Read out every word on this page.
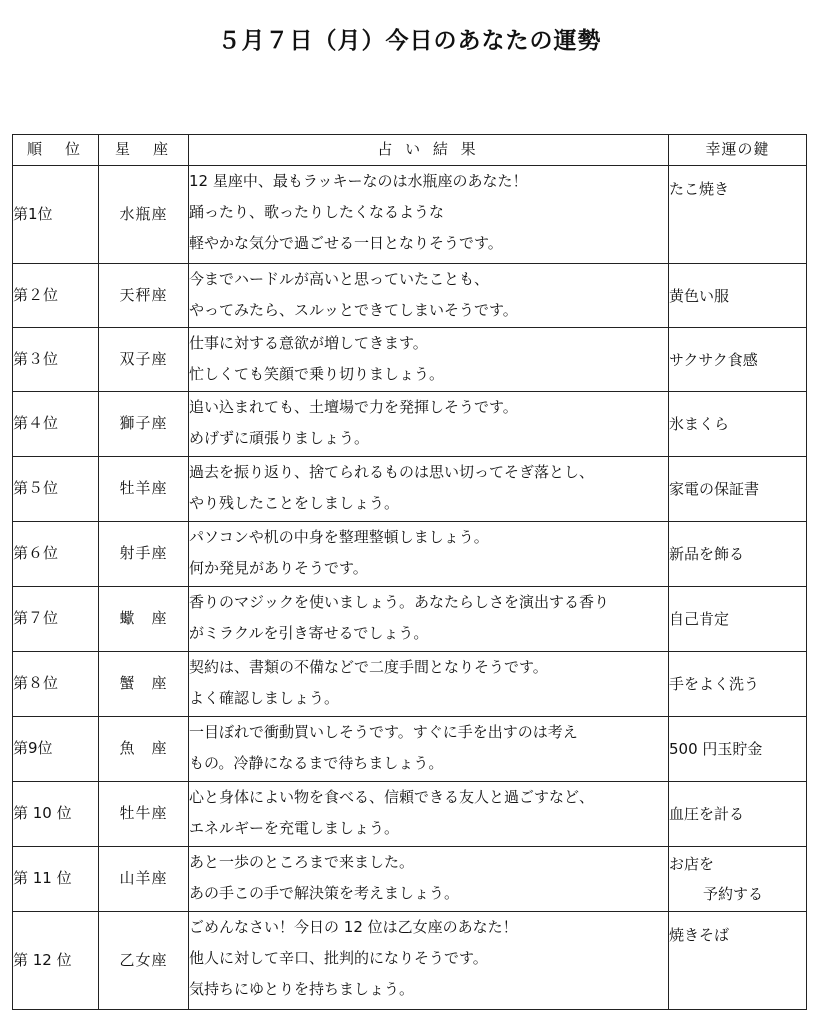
５月７日（月）今日のあなたの運勢
順　位	星　座	占 い 結 果	幸運の鍵
第1位	水瓶座	12 星座中、最もラッキーなのは水瓶座のあなた！
踊ったり、歌ったりしたくなるような
軽やかな気分で過ごせる一日となりそうです。	たこ焼き

第２位	天秤座	今までハードルが高いと思っていたことも、
やってみたら、スルッとできてしまいそうです。	黄色い服

第３位	双子座	仕事に対する意欲が増してきます。
忙しくても笑顔で乗り切りましょう。	サクサク食感

第４位	獅子座	追い込まれても、土壇場で力を発揮しそうです。
めげずに頑張りましょう。	氷まくら

第５位	牡羊座	過去を振り返り、捨てられるものは思い切ってそぎ落とし、
やり残したことをしましょう。	家電の保証書

第６位	射手座	パソコンや机の中身を整理整頓しましょう。
何か発見がありそうです。	新品を飾る

第７位	蠍　座	香りのマジックを使いましょう。あなたらしさを演出する香り
がミラクルを引き寄せるでしょう。	自己肯定

第８位	蟹　座	契約は、書類の不備などで二度手間となりそうです。
よく確認しましょう。	手をよく洗う

第9位	魚　座	一目ぼれで衝動買いしそうです。すぐに手を出すのは考え
もの。冷静になるまで待ちましょう。	500 円玉貯金

第 10 位	牡牛座	心と身体によい物を食べる、信頼できる友人と過ごすなど、
エネルギーを充電しましょう。	血圧を計る

第 11 位	山羊座	あと一歩のところまで来ました。
あの手この手で解決策を考えましょう。	お店を
予約する

第 12 位	乙女座	ごめんなさい！今日の 12 位は乙女座のあなた！
他人に対して辛口、批判的になりそうです。
気持ちにゆとりを持ちましょう。	焼きそば
